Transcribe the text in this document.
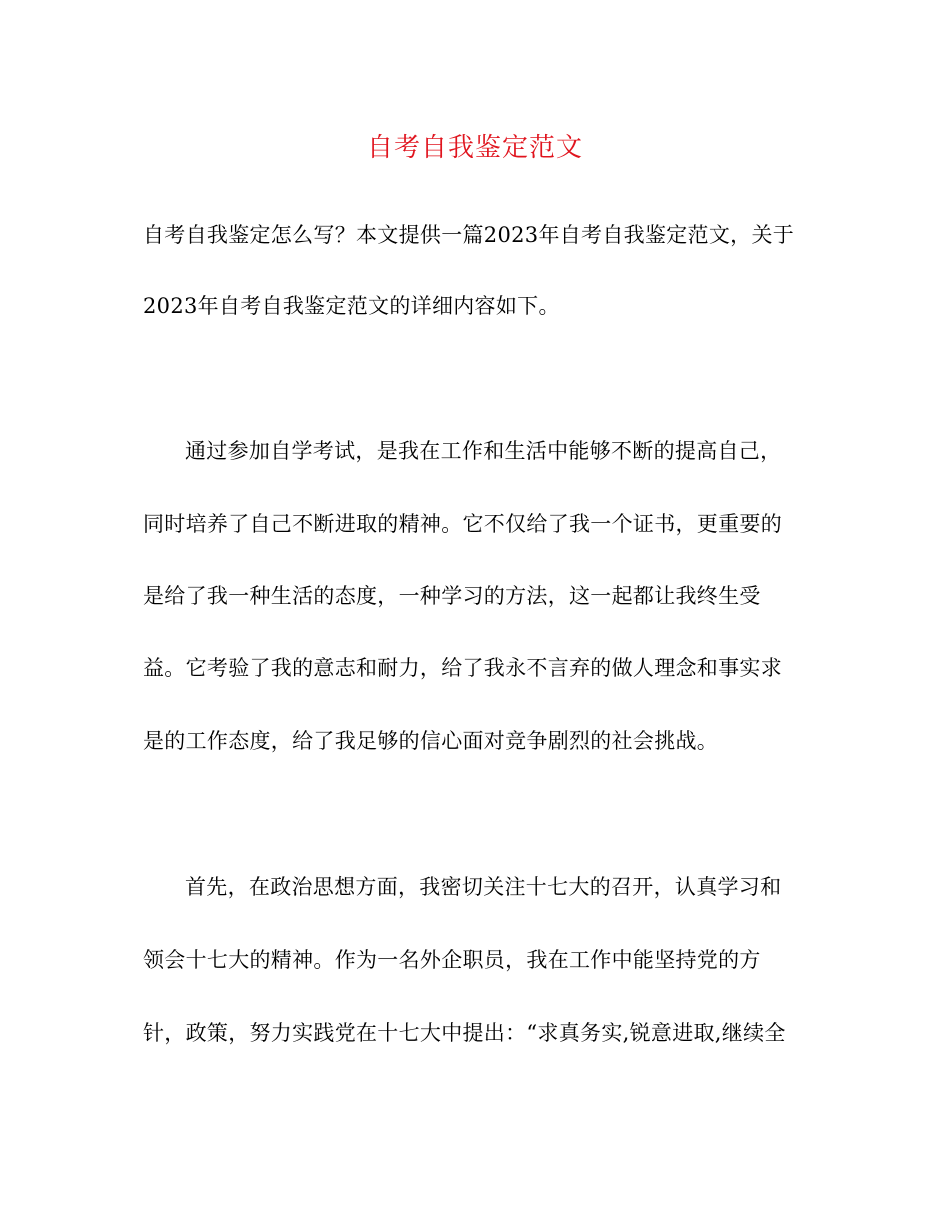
自考自我鉴定范文
自考自我鉴定怎么写？本文提供一篇2023年自考自我鉴定范文，关于
2023年自考自我鉴定范文的详细内容如下。
通过参加自学考试，是我在工作和生活中能够不断的提高自己，
同时培养了自己不断进取的精神。它不仅给了我一个证书，更重要的
是给了我一种生活的态度，一种学习的方法，这一起都让我终生受
益。它考验了我的意志和耐力，给了我永不言弃的做人理念和事实求
是的工作态度，给了我足够的信心面对竞争剧烈的社会挑战。
首先，在政治思想方面，我密切关注十七大的召开，认真学习和
领会十七大的精神。作为一名外企职员，我在工作中能坚持党的方
针，政策，努力实践党在十七大中提出：“求真务实,锐意进取,继续全
